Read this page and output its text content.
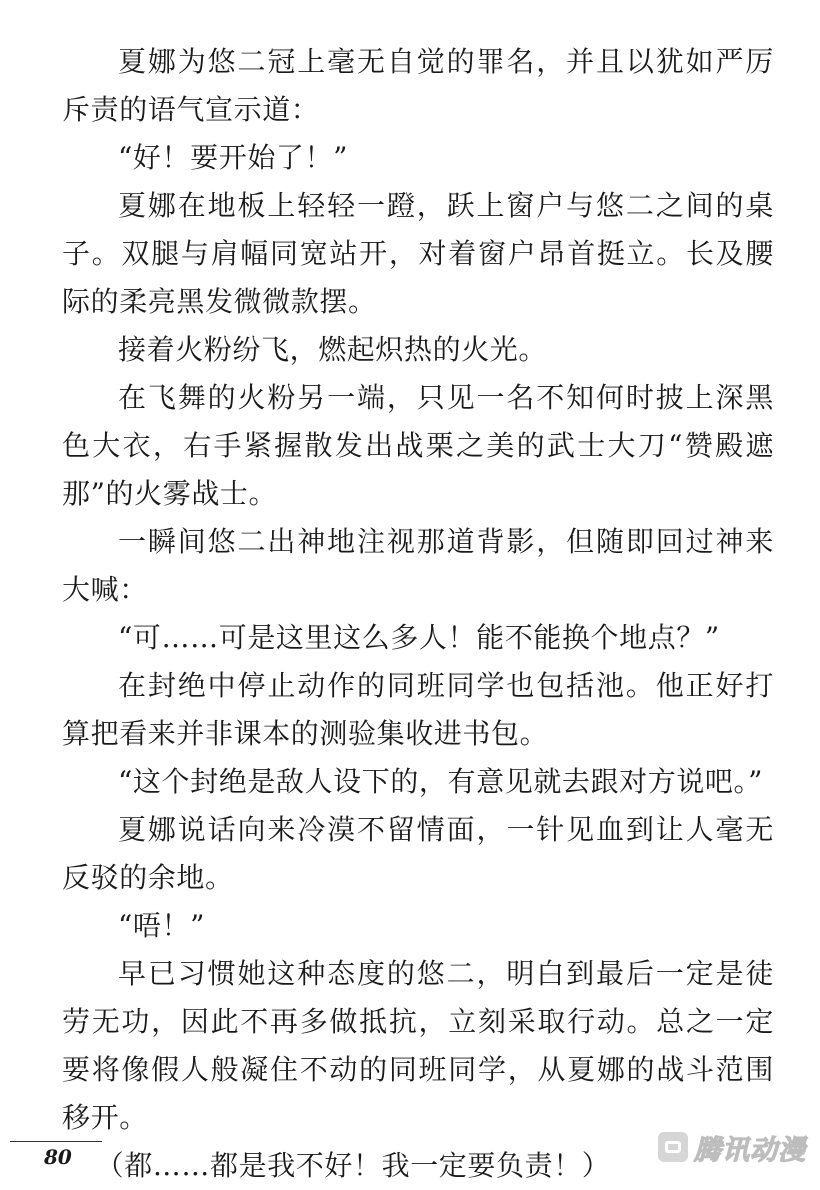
夏娜为悠二冠上毫无自觉的罪名，并且以犹如严厉斥责的语气宣示道：

“好！要开始了！”

夏娜在地板上轻轻一蹬，跃上窗户与悠二之间的桌子。双腿与肩幅同宽站开，对着窗户昂首挺立。长及腰际的柔亮黑发微微款摆。

接着火粉纷飞，燃起炽热的火光。

在飞舞的火粉另一端，只见一名不知何时披上深黑色大衣，右手紧握散发出战栗之美的武士大刀“赞殿遮那”的火雾战士。

一瞬间悠二出神地注视那道背影，但随即回过神来大喊：

“可……可是这里这么多人！能不能换个地点？”

在封绝中停止动作的同班同学也包括池。他正好打算把看来并非课本的测验集收进书包。

“这个封绝是敌人设下的，有意见就去跟对方说吧。”

夏娜说话向来冷漠不留情面，一针见血到让人毫无反驳的余地。

“唔！”

早已习惯她这种态度的悠二，明白到最后一定是徒劳无功，因此不再多做抵抗，立刻采取行动。总之一定要将像假人般凝住不动的同班同学，从夏娜的战斗范围移开。

（都……都是我不好！我一定要负责！）

80	腾讯动漫
